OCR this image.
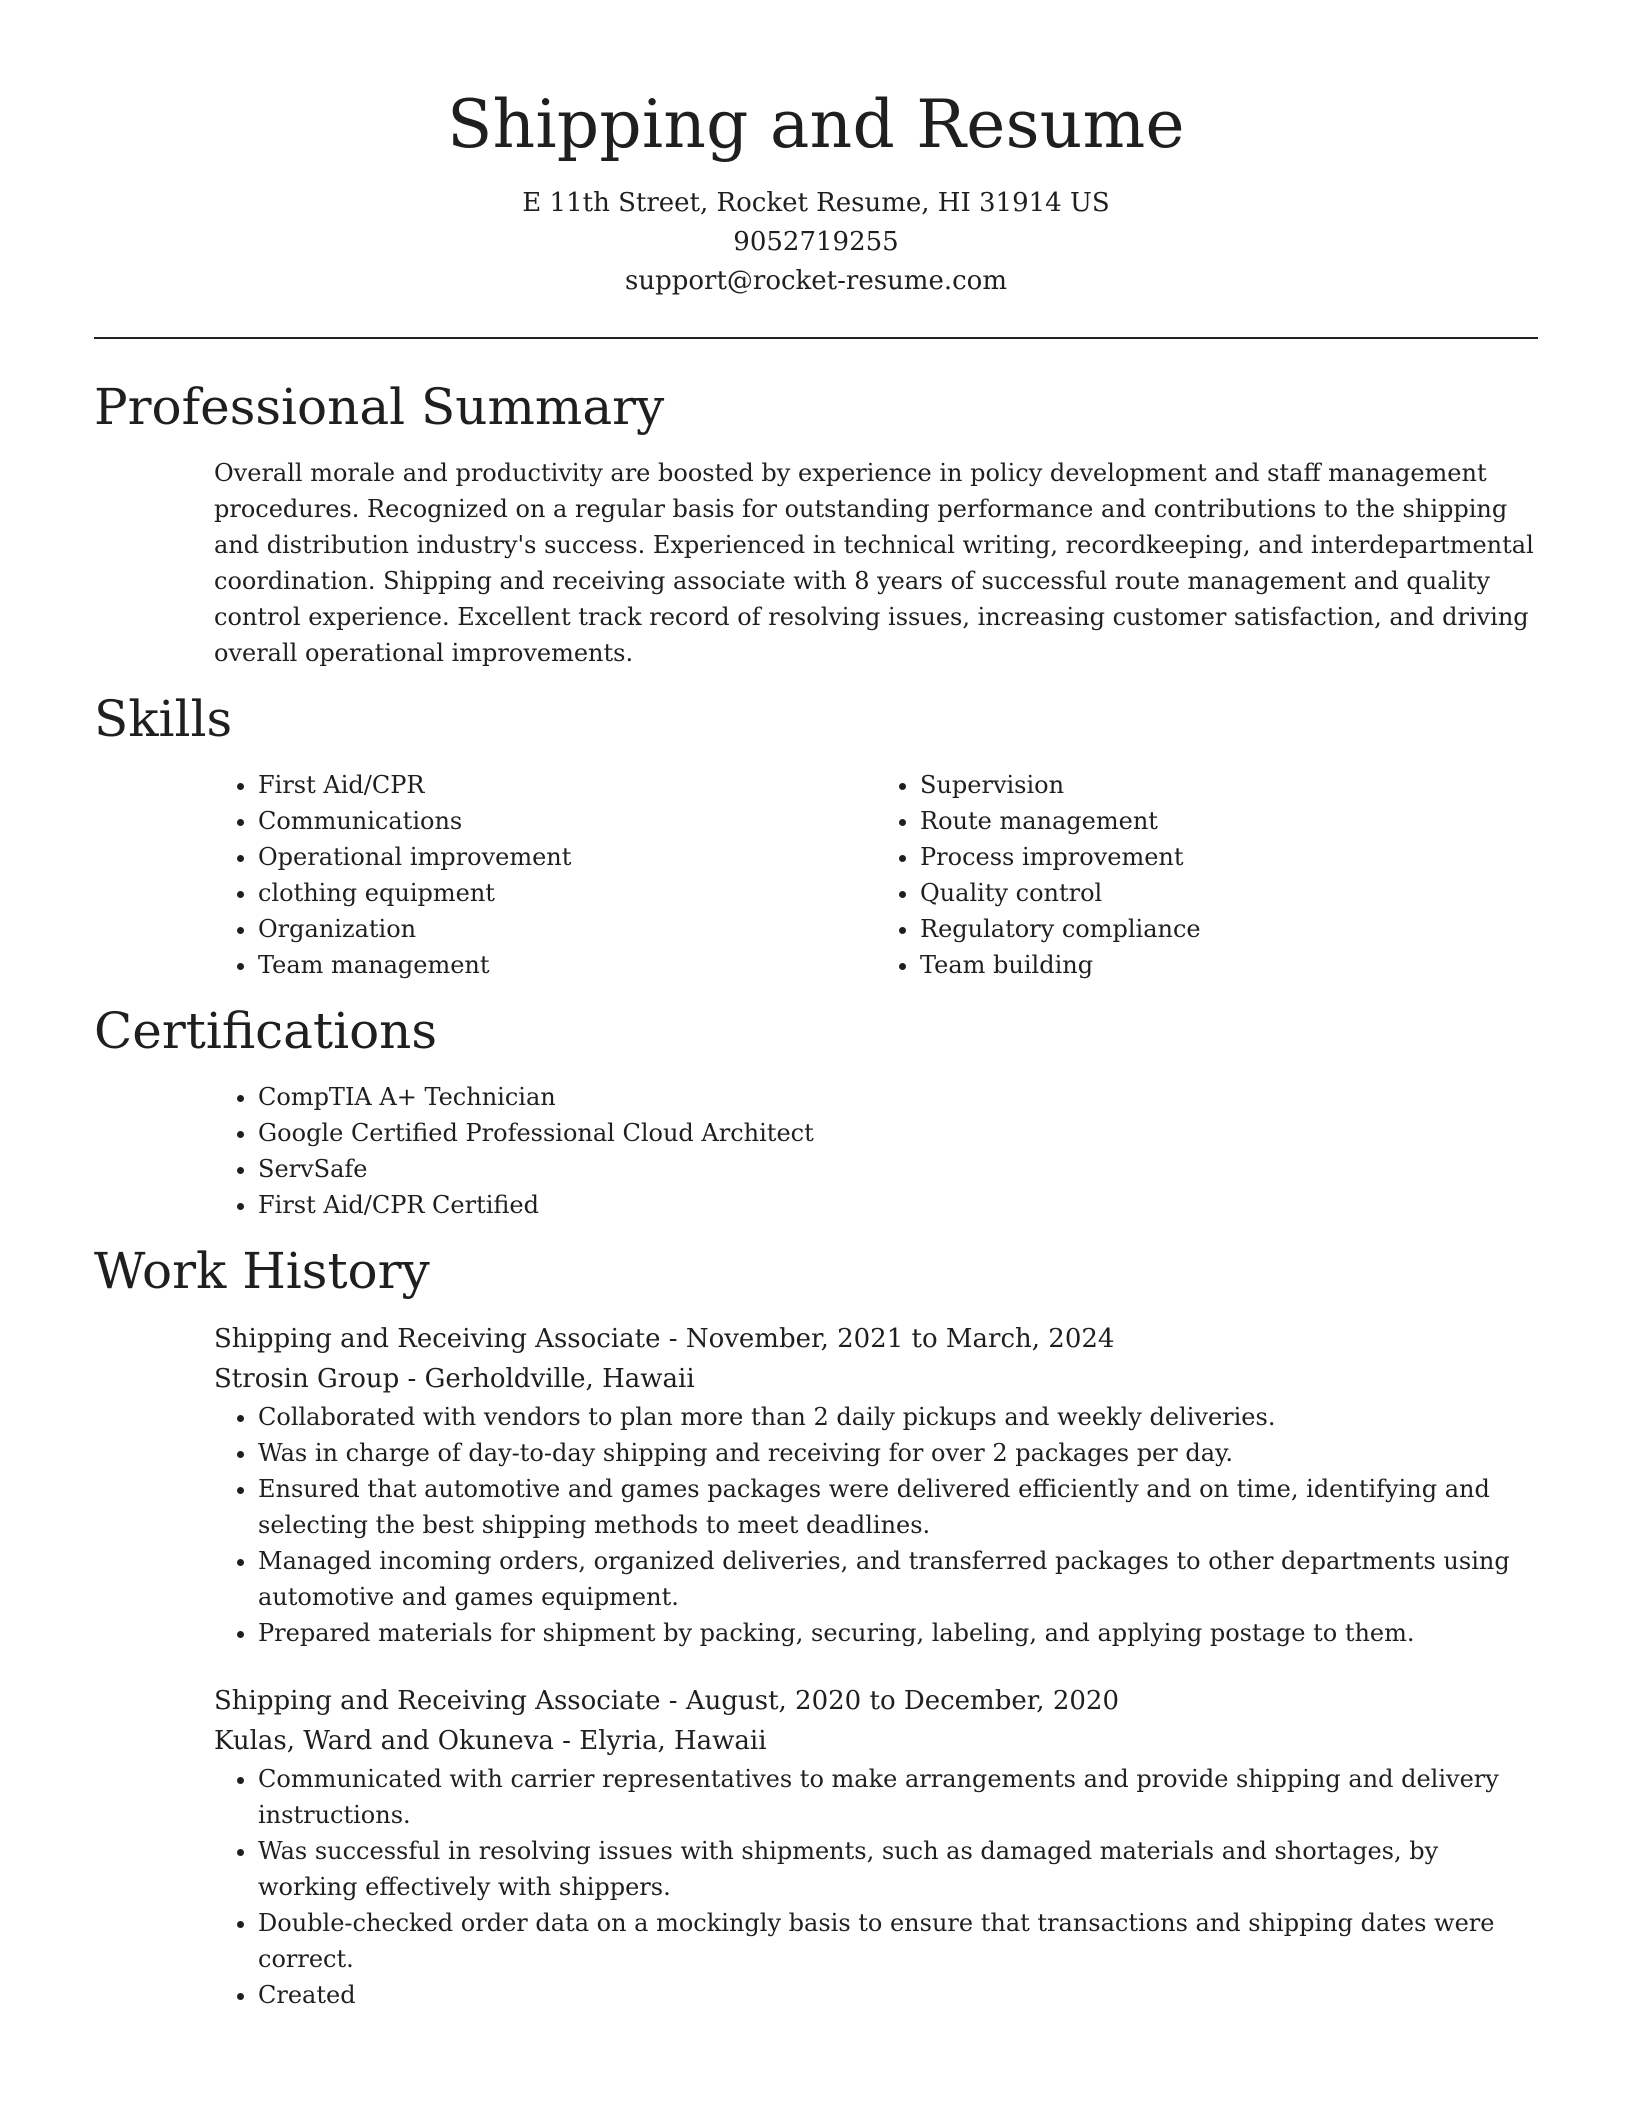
Shipping and Resume
E 11th Street, Rocket Resume, HI 31914 US
9052719255
support@rocket-resume.com
Professional Summary

Overall morale and productivity are boosted by experience in policy development and staff management procedures. Recognized on a regular basis for outstanding performance and contributions to the shipping and distribution industry's success. Experienced in technical writing, recordkeeping, and interdepartmental coordination. Shipping and receiving associate with 8 years of successful route management and quality control experience. Excellent track record of resolving issues, increasing customer satisfaction, and driving overall operational improvements.

Skills
• First Aid/CPR
• Communications
• Operational improvement
• clothing equipment
• Organization
• Team management
• Supervision
• Route management
• Process improvement
• Quality control
• Regulatory compliance
• Team building
Certifications
• CompTIA A+ Technician
• Google Certified Professional Cloud Architect
• ServSafe
• First Aid/CPR Certified
Work History
Shipping and Receiving Associate - November, 2021 to March, 2024
Strosin Group - Gerholdville, Hawaii
• Collaborated with vendors to plan more than 2 daily pickups and weekly deliveries.
• Was in charge of day-to-day shipping and receiving for over 2 packages per day.
• Ensured that automotive and games packages were delivered efficiently and on time, identifying and selecting the best shipping methods to meet deadlines.
• Managed incoming orders, organized deliveries, and transferred packages to other departments using automotive and games equipment.
• Prepared materials for shipment by packing, securing, labeling, and applying postage to them.
Shipping and Receiving Associate - August, 2020 to December, 2020
Kulas, Ward and Okuneva - Elyria, Hawaii
• Communicated with carrier representatives to make arrangements and provide shipping and delivery instructions.
• Was successful in resolving issues with shipments, such as damaged materials and shortages, by working effectively with shippers.
• Double-checked order data on a mockingly basis to ensure that transactions and shipping dates were correct.
• Created
